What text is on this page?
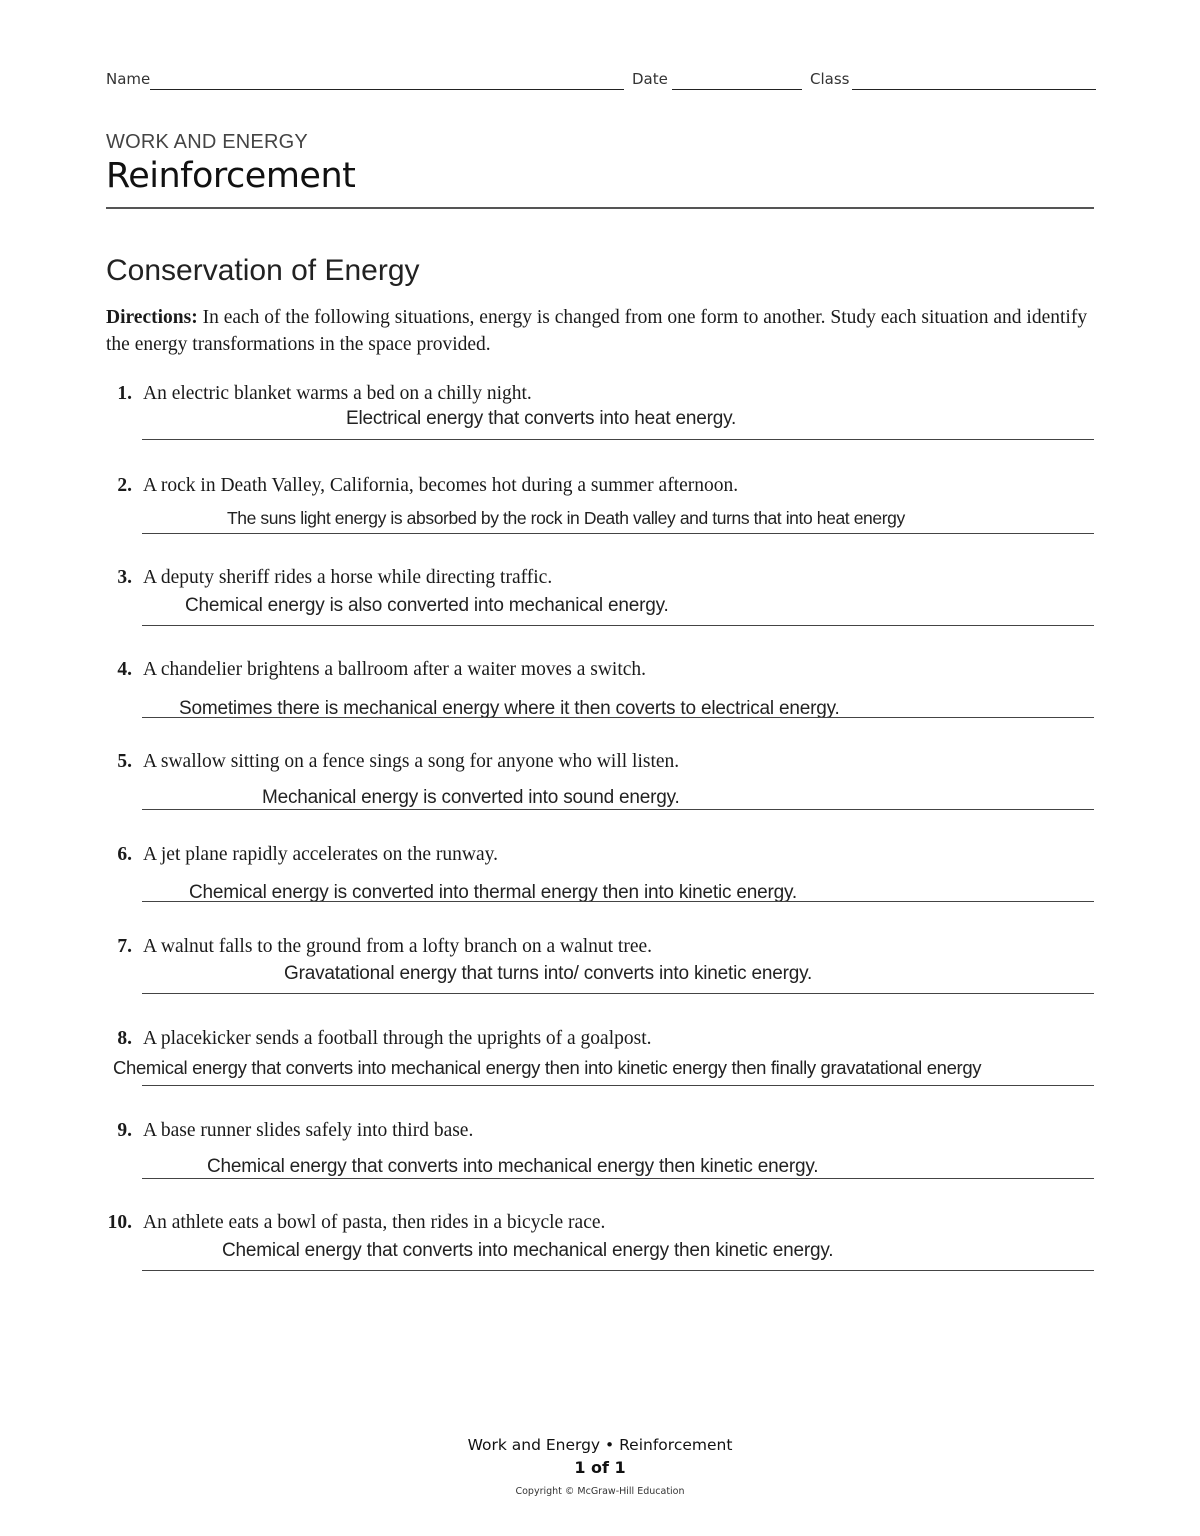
Name	Date	Class
WORK AND ENERGY
Reinforcement
Conservation of Energy
Directions: In each of the following situations, energy is changed from one form to another. Study each situation and identify the energy transformations in the space provided.
1. An electric blanket warms a bed on a chilly night.
Electrical energy that converts into heat energy.
2. A rock in Death Valley, California, becomes hot during a summer afternoon.
The suns light energy is absorbed by the rock in Death valley and turns that into heat energy
3. A deputy sheriff rides a horse while directing traffic.
Chemical energy is also converted into mechanical energy.
4. A chandelier brightens a ballroom after a waiter moves a switch.
Sometimes there is mechanical energy where it then coverts to electrical energy.
5. A swallow sitting on a fence sings a song for anyone who will listen.
Mechanical energy is converted into sound energy.
6. A jet plane rapidly accelerates on the runway.
Chemical energy is converted into thermal energy then into kinetic energy.
7. A walnut falls to the ground from a lofty branch on a walnut tree.
Gravatational energy that turns into/ converts into kinetic energy.
8. A placekicker sends a football through the uprights of a goalpost.
Chemical energy that converts into mechanical energy then into kinetic energy then finally gravatational energy
9. A base runner slides safely into third base.
Chemical energy that converts into mechanical energy then kinetic energy.
10. An athlete eats a bowl of pasta, then rides in a bicycle race.
Chemical energy that converts into mechanical energy then kinetic energy.
Work and Energy • Reinforcement
1 of 1
Copyright © McGraw-Hill Education
